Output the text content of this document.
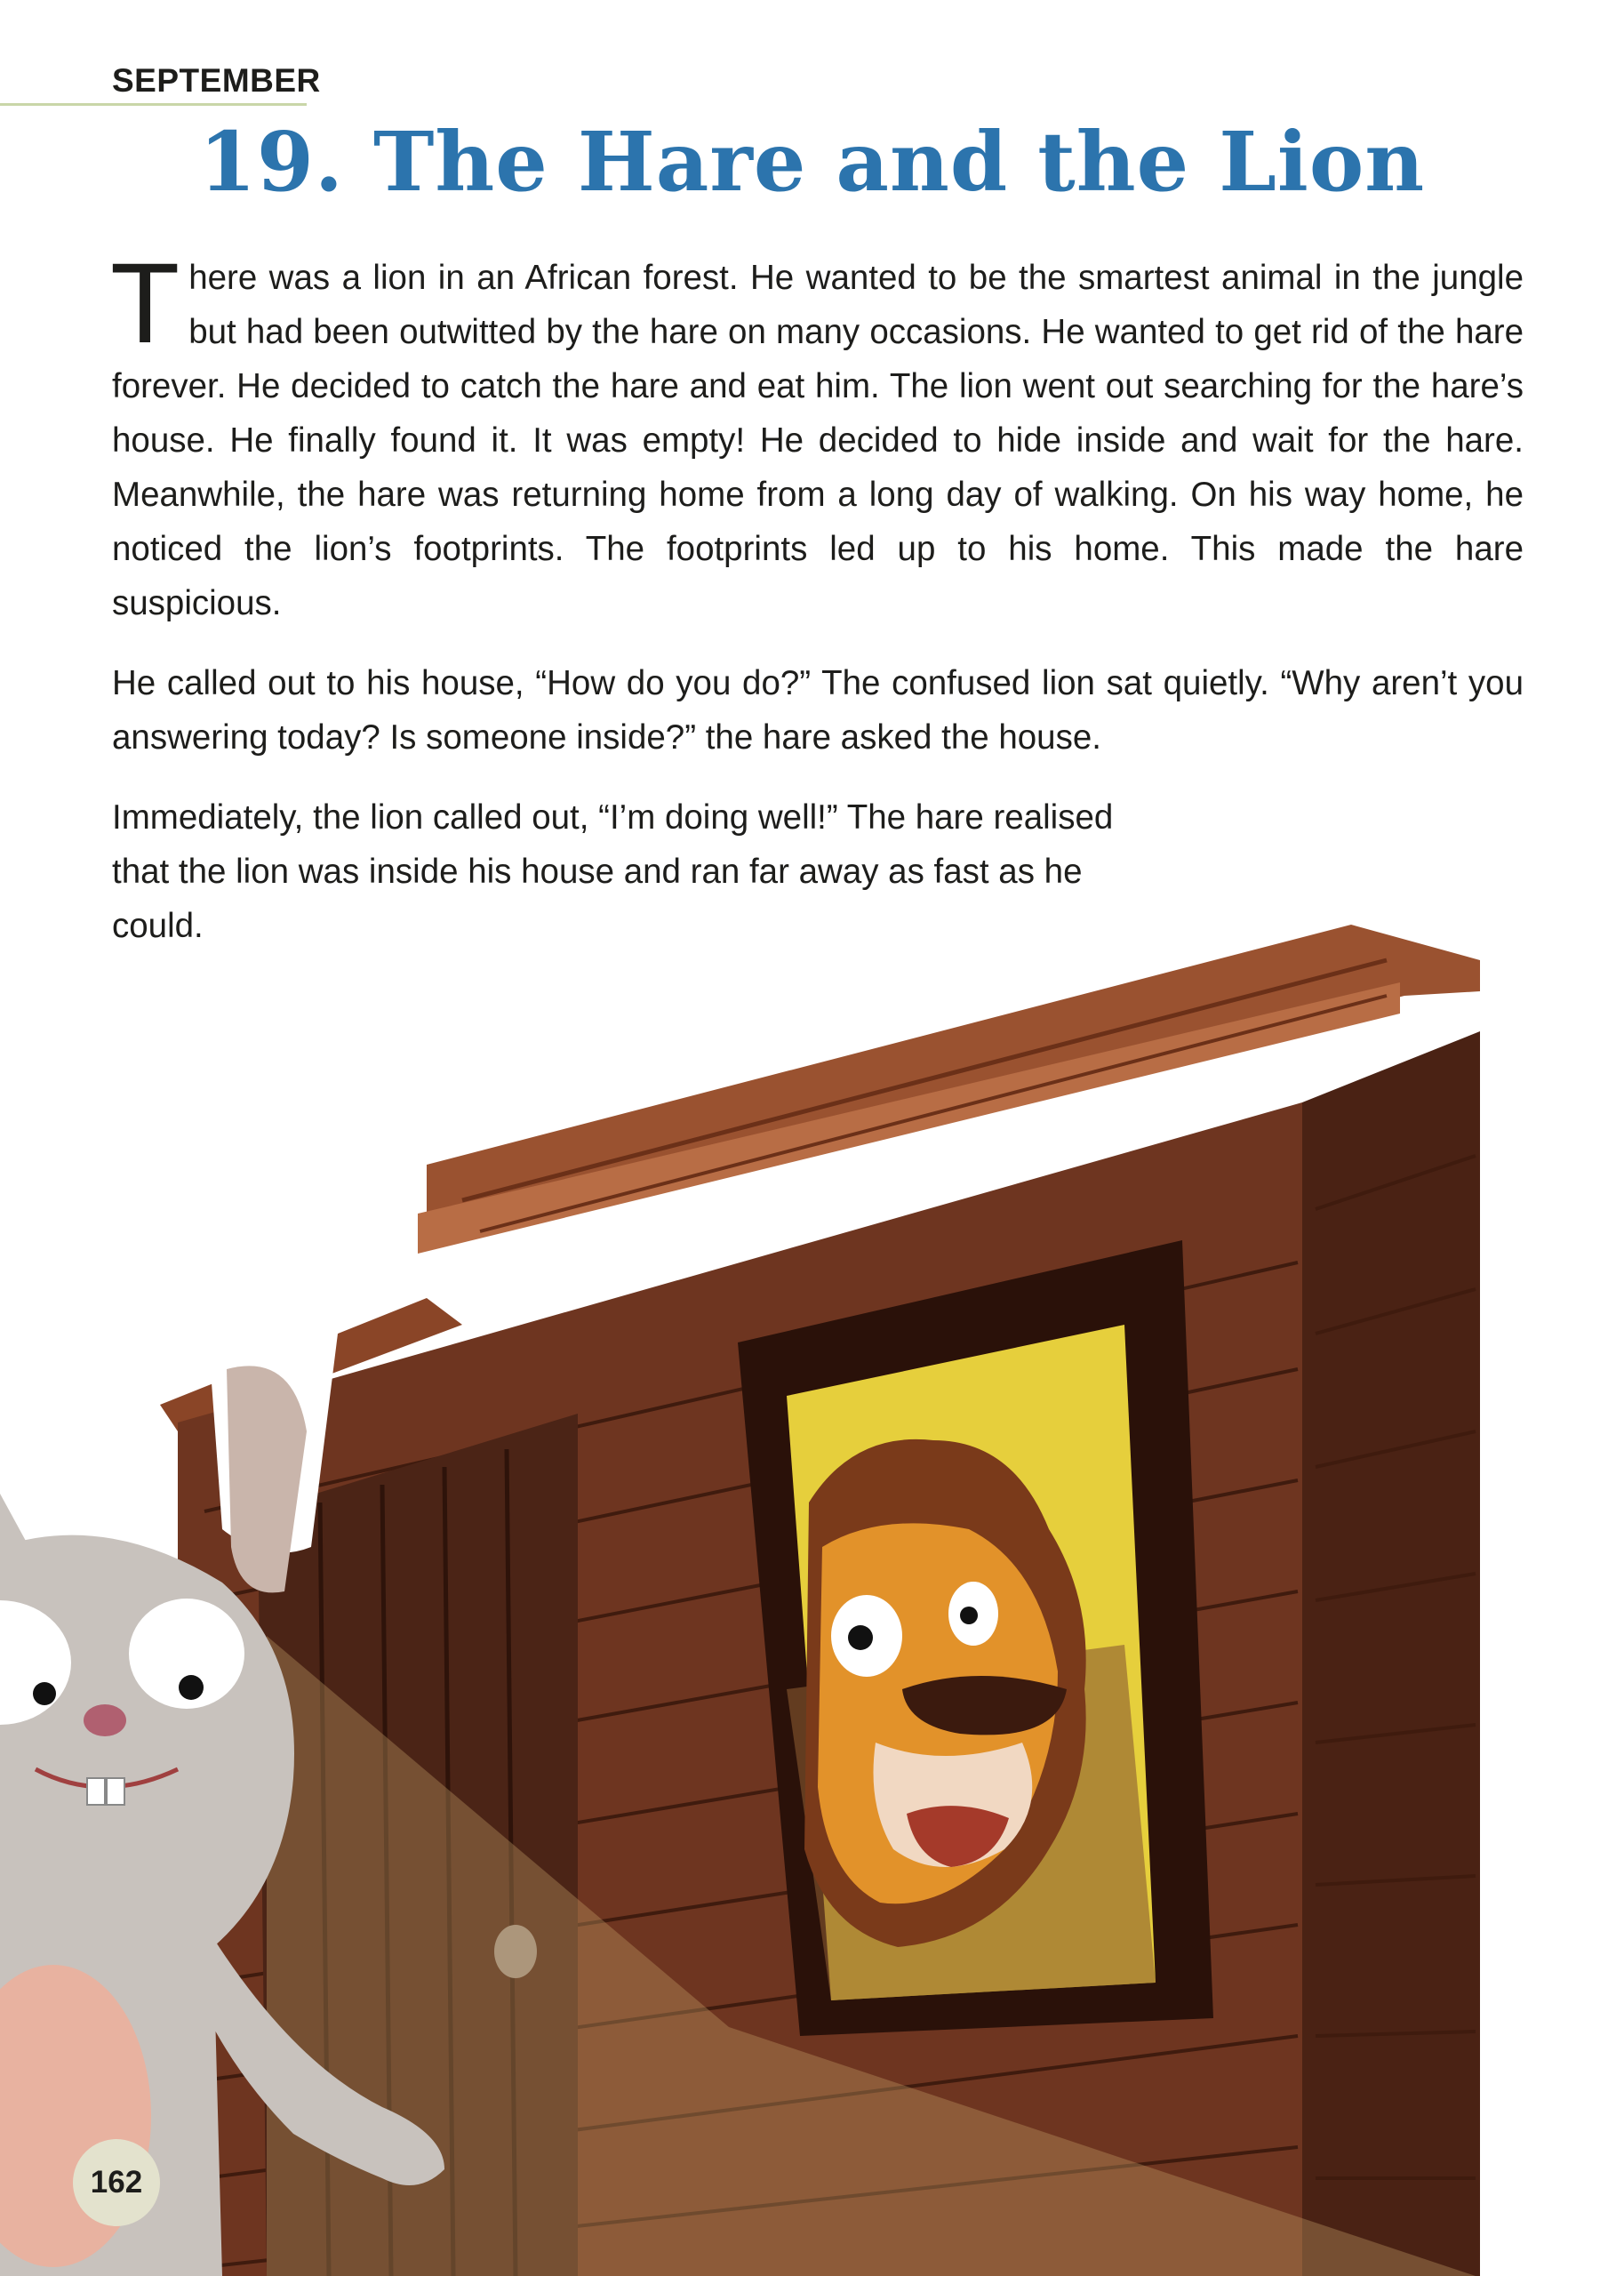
SEPTEMBER
19. The Hare and the Lion

There was a lion in an African forest. He wanted to be the smartest animal in the jungle but had been outwitted by the hare on many occasions. He wanted to get rid of the hare forever. He decided to catch the hare and eat him. The lion went out searching for the hare’s house. He finally found it. It was empty! He decided to hide inside and wait for the hare. Meanwhile, the hare was returning home from a long day of walking. On his way home, he noticed the lion’s footprints. The footprints led up to his home. This made the hare suspicious.

He called out to his house, “How do you do?” The confused lion sat quietly. “Why aren’t you answering today? Is someone inside?” the hare asked the house.

Immediately, the lion called out, “I’m doing well!” The hare realised that the lion was inside his house and ran far away as fast as he could.

162
